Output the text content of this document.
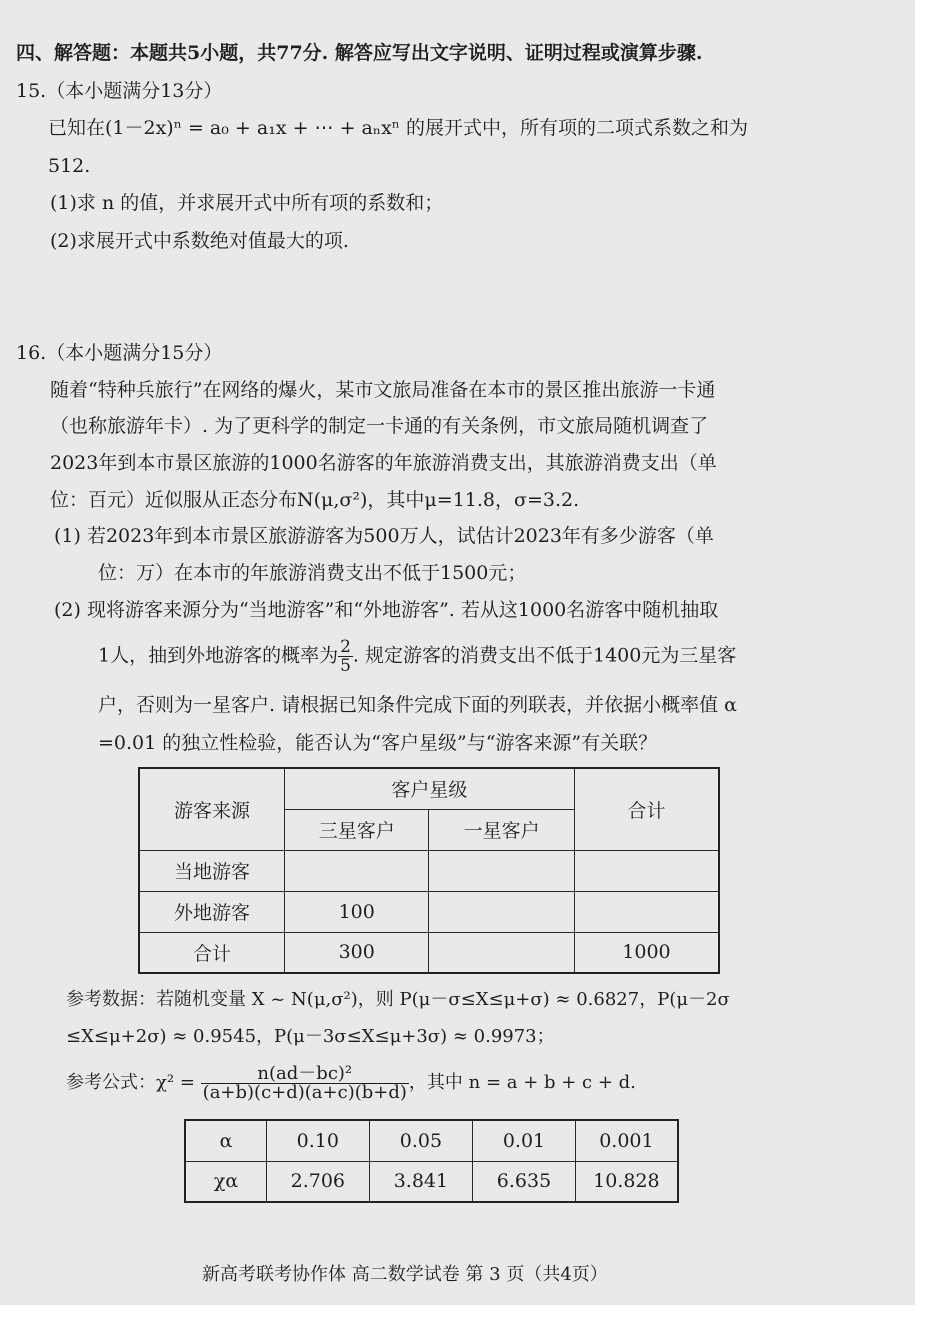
四、解答题：本题共5小题，共77分. 解答应写出文字说明、证明过程或演算步骤.
15.（本小题满分13分）
已知在(1－2x)ⁿ = a₀ + a₁x + ⋯ + aₙxⁿ 的展开式中，所有项的二项式系数之和为
512.
(1)求 n 的值，并求展开式中所有项的系数和；
(2)求展开式中系数绝对值最大的项.
16.（本小题满分15分）
随着“特种兵旅行”在网络的爆火，某市文旅局准备在本市的景区推出旅游一卡通
（也称旅游年卡）. 为了更科学的制定一卡通的有关条例，市文旅局随机调查了
2023年到本市景区旅游的1000名游客的年旅游消费支出，其旅游消费支出（单
位：百元）近似服从正态分布N(μ,σ²)，其中μ=11.8，σ=3.2.
(1) 若2023年到本市景区旅游游客为500万人，试估计2023年有多少游客（单
位：万）在本市的年旅游消费支出不低于1500元；
(2) 现将游客来源分为“当地游客”和“外地游客”. 若从这1000名游客中随机抽取
1人，抽到外地游客的概率为 $\frac{2}{5}$ . 规定游客的消费支出不低于1400元为三星客
户，否则为一星客户. 请根据已知条件完成下面的列联表，并依据小概率值 α
=0.01 的独立性检验，能否认为“客户星级”与“游客来源”有关联？
游客来源	客户星级		合计
	三星客户	一星客户	
当地游客			
外地游客	100		
合计	300		1000
参考数据：若随机变量 X ~ N(μ,σ²)，则 P(μ－σ≤X≤μ+σ) ≈ 0.6827，P(μ－2σ
≤X≤μ+2σ) ≈ 0.9545，P(μ－3σ≤X≤μ+3σ) ≈ 0.9973；
参考公式：$\chi^2 = \frac{\text{n(ad－bc)²}}{(a+b)(c+d)(a+c)(b+d)}$ ，其中 n = a + b + c + d.
α	0.10	0.05	0.01	0.001
χα	2.706	3.841	6.635	10.828
新高考联考协作体 高二数学试卷 第 3 页（共4页）
